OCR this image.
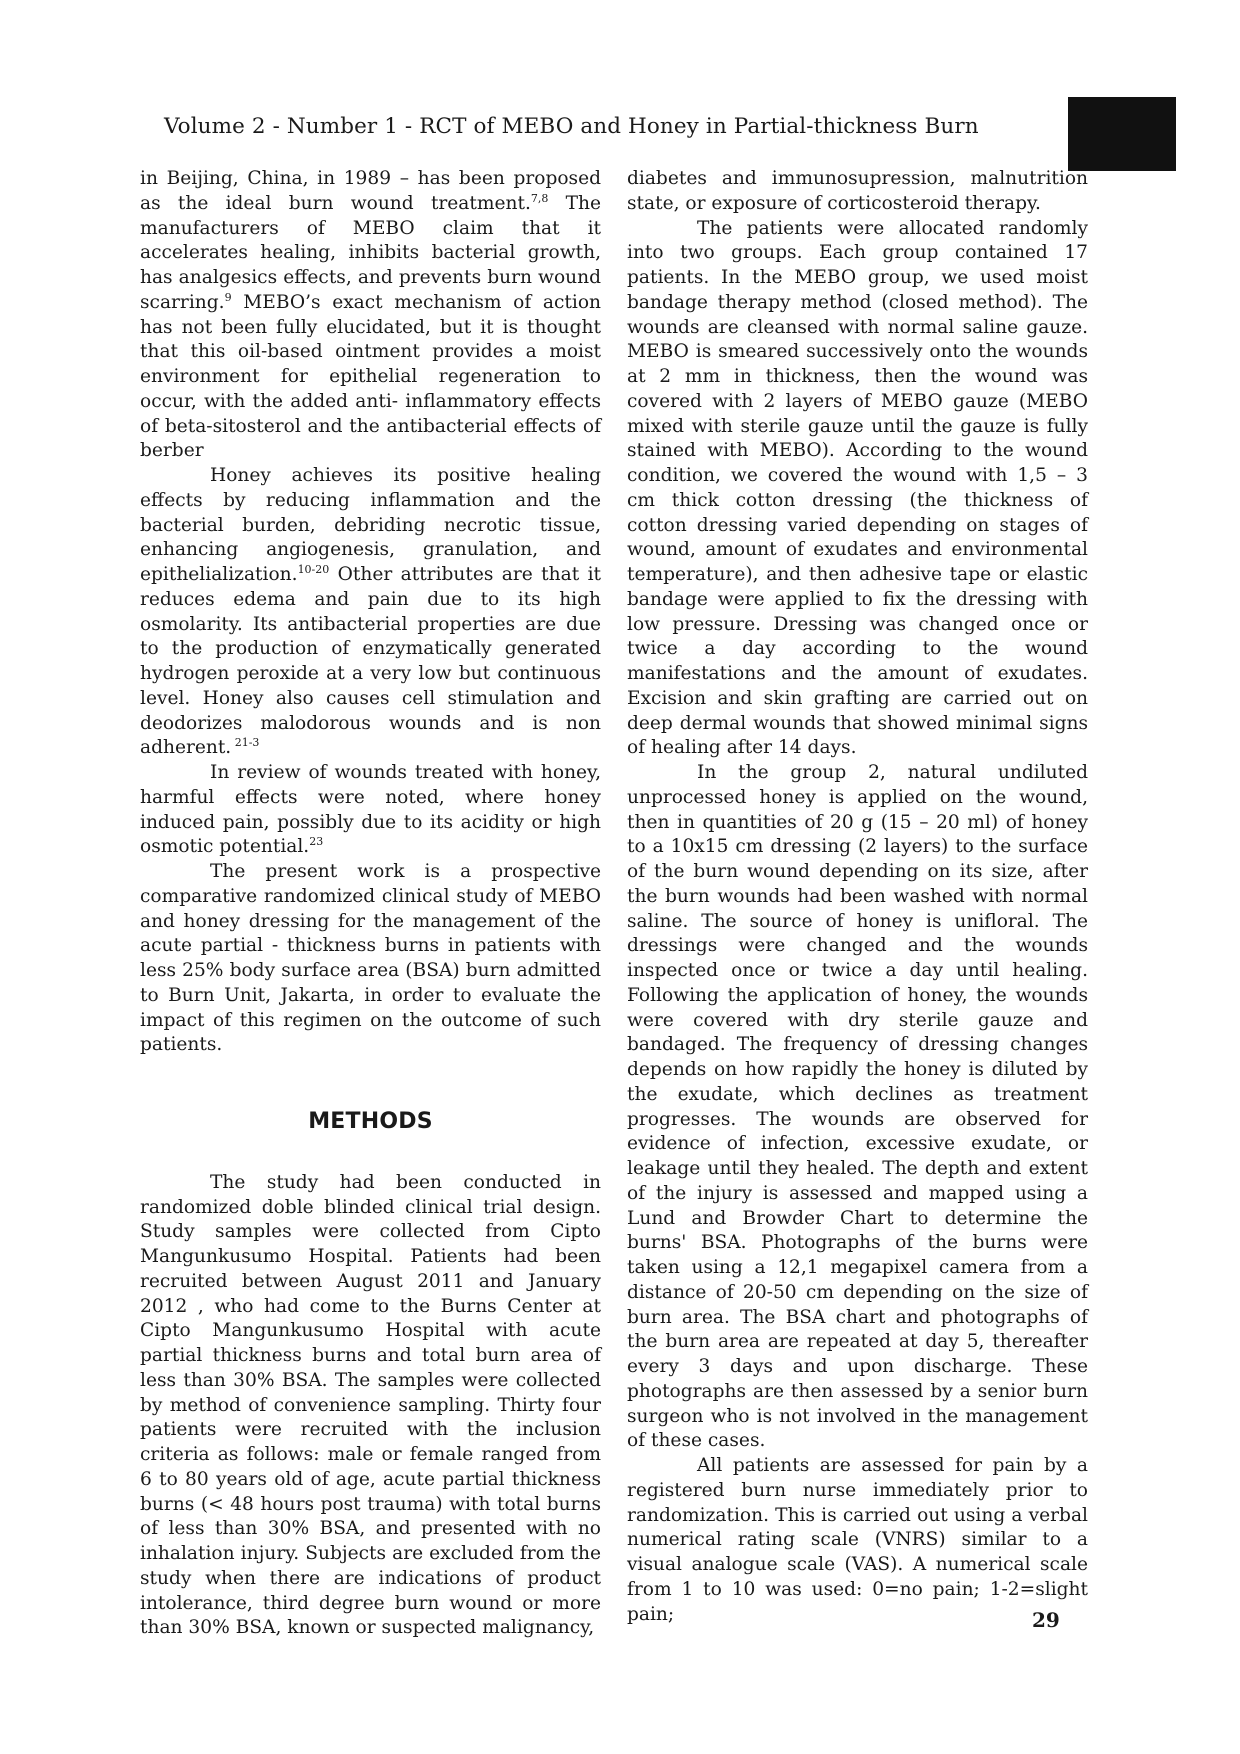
Volume 2 - Number 1 - RCT of MEBO and Honey in Partial-thickness Burn

in Beijing, China, in 1989 – has been proposed as the ideal burn wound treatment.$^{7,8}$ The manufacturers of MEBO claim that it accelerates healing, inhibits bacterial growth, has analgesics effects, and prevents burn wound scarring.$^9$ MEBO’s exact mechanism of action has not been fully elucidated, but it is thought that this oil-based ointment provides a moist environment for epithelial regeneration to occur, with the added anti- inflammatory effects of beta-sitosterol and the antibacterial effects of berber

Honey achieves its positive healing effects by reducing inflammation and the bacterial burden, debriding necrotic tissue, enhancing angiogenesis, granulation, and epithelialization.$^{10-20}$ Other attributes are that it reduces edema and pain due to its high osmolarity. Its antibacterial properties are due to the production of enzymatically generated hydrogen peroxide at a very low but continuous level. Honey also causes cell stimulation and deodorizes malodorous wounds and is non adherent. $^{21-3}$

In review of wounds treated with honey, harmful effects were noted, where honey induced pain, possibly due to its acidity or high osmotic potential.$^{23}$

The present work is a prospective comparative randomized clinical study of MEBO and honey dressing for the management of the acute partial - thickness burns in patients with less 25% body surface area (BSA) burn admitted to Burn Unit, Jakarta, in order to evaluate the impact of this regimen on the outcome of such patients.

METHODS

The study had been conducted in randomized doble blinded clinical trial design. Study samples were collected from Cipto Mangunkusumo Hospital. Patients had been recruited between August 2011 and January 2012 , who had come to the Burns Center at Cipto Mangunkusumo Hospital with acute partial thickness burns and total burn area of less than 30% BSA. The samples were collected by method of convenience sampling. Thirty four patients were recruited with the inclusion criteria as follows: male or female ranged from 6 to 80 years old of age, acute partial thickness burns (< 48 hours post trauma) with total burns of less than 30% BSA, and presented with no inhalation injury. Subjects are excluded from the study when there are indications of product intolerance, third degree burn wound or more than 30% BSA, known or suspected malignancy,

diabetes and immunosupression, malnutrition state, or exposure of corticosteroid therapy.

The patients were allocated randomly into two groups. Each group contained 17 patients. In the MEBO group, we used moist bandage therapy method (closed method). The wounds are cleansed with normal saline gauze. MEBO is smeared successively onto the wounds at 2 mm in thickness, then the wound was covered with 2 layers of MEBO gauze (MEBO mixed with sterile gauze until the gauze is fully stained with MEBO). According to the wound condition, we covered the wound with 1,5 – 3 cm thick cotton dressing (the thickness of cotton dressing varied depending on stages of wound, amount of exudates and environmental temperature), and then adhesive tape or elastic bandage were applied to fix the dressing with low pressure. Dressing was changed once or twice a day according to the wound manifestations and the amount of exudates. Excision and skin grafting are carried out on deep dermal wounds that showed minimal signs of healing after 14 days.

In the group 2, natural undiluted unprocessed honey is applied on the wound, then in quantities of 20 g (15 – 20 ml) of honey to a 10x15 cm dressing (2 layers) to the surface of the burn wound depending on its size, after the burn wounds had been washed with normal saline. The source of honey is unifloral. The dressings were changed and the wounds inspected once or twice a day until healing. Following the application of honey, the wounds were covered with dry sterile gauze and bandaged. The frequency of dressing changes depends on how rapidly the honey is diluted by the exudate, which declines as treatment progresses. The wounds are observed for evidence of infection, excessive exudate, or leakage until they healed. The depth and extent of the injury is assessed and mapped using a Lund and Browder Chart to determine the burns' BSA. Photographs of the burns were taken using a 12,1 megapixel camera from a distance of 20-50 cm depending on the size of burn area. The BSA chart and photographs of the burn area are repeated at day 5, thereafter every 3 days and upon discharge. These photographs are then assessed by a senior burn surgeon who is not involved in the management of these cases.

All patients are assessed for pain by a registered burn nurse immediately prior to randomization. This is carried out using a verbal numerical rating scale (VNRS) similar to a visual analogue scale (VAS). A numerical scale from 1 to 10 was used: 0=no pain; 1-2=slight pain;	29
